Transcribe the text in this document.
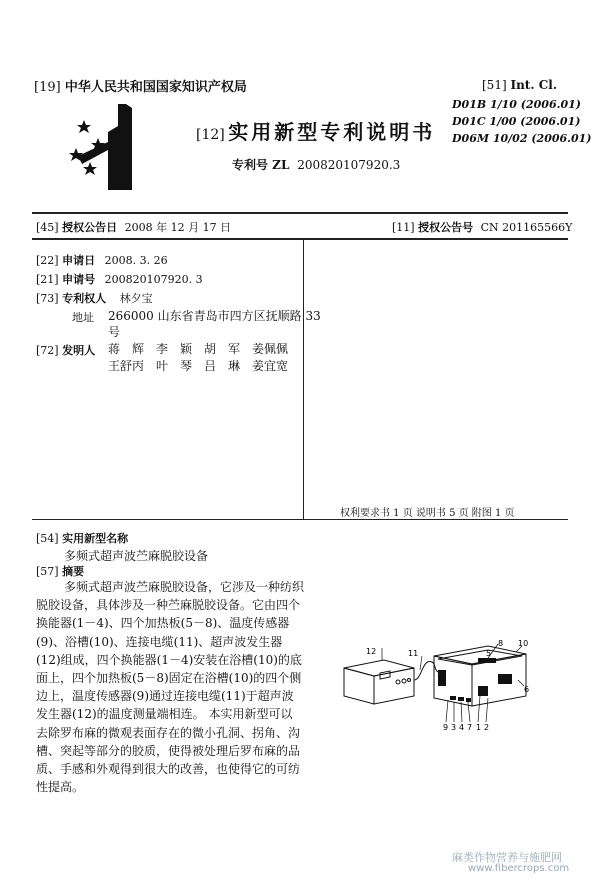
[19] 中华人民共和国国家知识产权局
[12] 实用新型专利说明书
专利号 ZL 200820107920.3
[51] Int. Cl.
D01B 1/10 (2006.01)
D01C 1/00 (2006.01)
D06M 10/02 (2006.01)
[45] 授权公告日 2008 年 12 月 17 日	[11] 授权公告号 CN 201165566Y
[22] 申请日 2008. 3. 26
[21] 申请号 200820107920. 3
[73] 专利权人 林夕宝
地址 266000 山东省青岛市四方区抚顺路 33
号
[72] 发明人 蒋　辉　李　颖　胡　军　姜佩佩
王舒丙　叶　琴　吕　琳　姜宜宽
权利要求书 1 页 说明书 5 页 附图 1 页
[54] 实用新型名称
多频式超声波苎麻脱胶设备
[57] 摘要
多频式超声波苎麻脱胶设备，它涉及一种纺织
脱胶设备，具体涉及一种苎麻脱胶设备。它由四个
换能器(1－4)、四个加热板(5－8)、温度传感器
(9)、浴槽(10)、连接电缆(11)、超声波发生器
(12)组成，四个换能器(1－4)安装在浴槽(10)的底
面上，四个加热板(5－8)固定在浴槽(10)的四个侧
边上，温度传感器(9)通过连接电缆(11)于超声波
发生器(12)的温度测量端相连。 本实用新型可以
去除罗布麻的微观表面存在的微小孔洞、拐角、沟
槽、突起等部分的胶质，使得被处理后罗布麻的品
质、手感和外观得到很大的改善，也使得它的可纺
性提高。
12	11
10
8
5
6
9 3 4 7 1 2
麻类作物营养与施肥网
www.fibercrops.com
